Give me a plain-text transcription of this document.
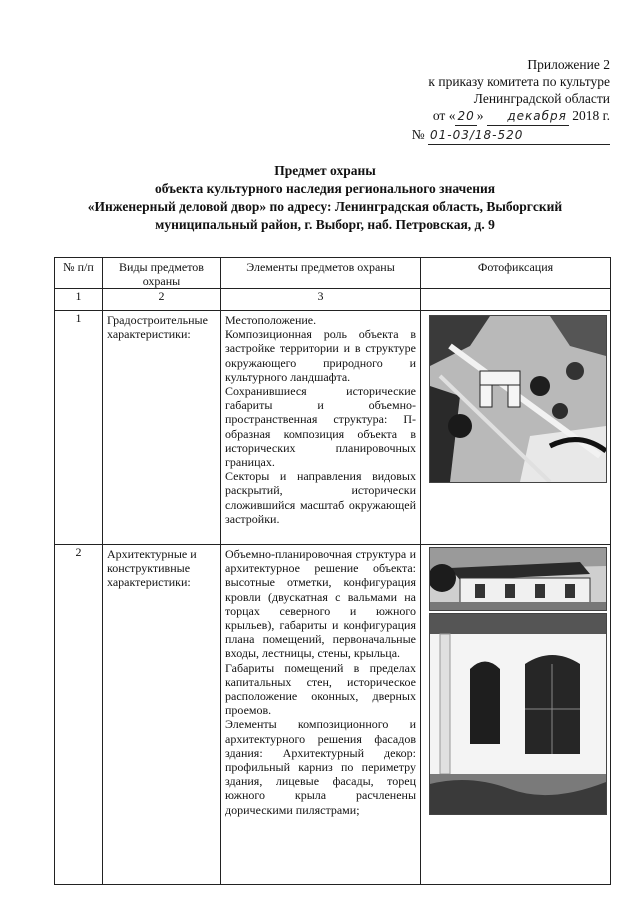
Приложение 2
к приказу комитета по культуре
Ленинградской области
от « 20 » декабря 2018 г.
№ 01-03/18-520
Предмет охраны
объекта культурного наследия регионального значения
«Инженерный деловой двор» по адресу: Ленинградская область, Выборгский
муниципальный район, г. Выборг, наб. Петровская, д. 9
№ п/п	Виды предметов охраны	Элементы предметов охраны	Фотофиксация
1	2	3	
1	Градостроительные характеристики:	Местоположение.
Композиционная роль объекта в застройке территории и в структуре окружающего природного и культурного ландшафта.
Сохранившиеся исторические габариты и объемно-пространственная структура: П-образная композиция объекта в исторических планировочных границах.
Секторы и направления видовых раскрытий, исторически сложившийся масштаб окружающей застройки.

2	Архитектурные и конструктивные характеристики:	Объемно-планировочная структура и архитектурное решение объекта: высотные отметки, конфигурация кровли (двускатная с вальмами на торцах северного и южного крыльев), габариты и конфигурация плана помещений, первоначальные входы, лестницы, стены, крыльца.
Габариты помещений в пределах капитальных стен, историческое расположение оконных, дверных проемов.
Элементы композиционного и архитектурного решения фасадов здания: Архитектурный декор: профильный карниз по периметру здания, лицевые фасады, торец южного крыла расчленены дорическими пилястрами;
